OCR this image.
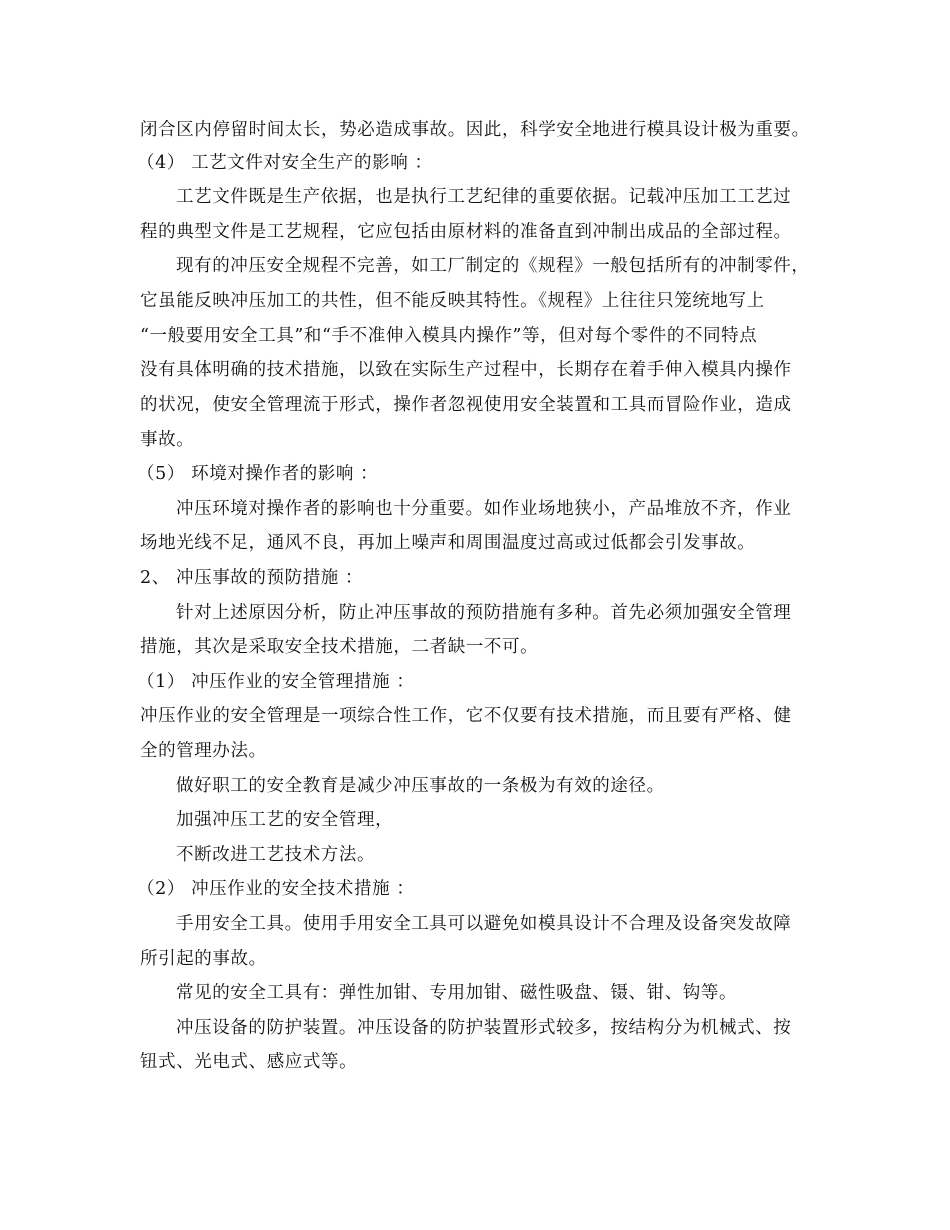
闭合区内停留时间太长，势必造成事故。因此，科学安全地进行模具设计极为重要。
（4） 工艺文件对安全生产的影响 ：
工艺文件既是生产依据，也是执行工艺纪律的重要依据。记载冲压加工工艺过
程的典型文件是工艺规程，它应包括由原材料的准备直到冲制出成品的全部过程。
现有的冲压安全规程不完善，如工厂制定的《规程》一般包括所有的冲制零件，
它虽能反映冲压加工的共性，但不能反映其特性。《规程》上往往只笼统地写上
“一般要用安全工具”和“手不准伸入模具内操作”等，但对每个零件的不同特点
没有具体明确的技术措施，以致在实际生产过程中，长期存在着手伸入模具内操作
的状况，使安全管理流于形式，操作者忽视使用安全装置和工具而冒险作业，造成
事故。
（5） 环境对操作者的影响 ：
冲压环境对操作者的影响也十分重要。如作业场地狭小，产品堆放不齐，作业
场地光线不足，通风不良，再加上噪声和周围温度过高或过低都会引发事故。
2、 冲压事故的预防措施 ：
针对上述原因分析，防止冲压事故的预防措施有多种。首先必须加强安全管理
措施，其次是采取安全技术措施，二者缺一不可。
（1） 冲压作业的安全管理措施 ：
冲压作业的安全管理是一项综合性工作，它不仅要有技术措施，而且要有严格、健
全的管理办法。
做好职工的安全教育是减少冲压事故的一条极为有效的途径。
加强冲压工艺的安全管理，
不断改进工艺技术方法。
（2） 冲压作业的安全技术措施 ：
手用安全工具。使用手用安全工具可以避免如模具设计不合理及设备突发故障
所引起的事故。
常见的安全工具有：弹性加钳、专用加钳、磁性吸盘、镊、钳、钩等。
冲压设备的防护装置。冲压设备的防护装置形式较多，按结构分为机械式、按
钮式、光电式、感应式等。
